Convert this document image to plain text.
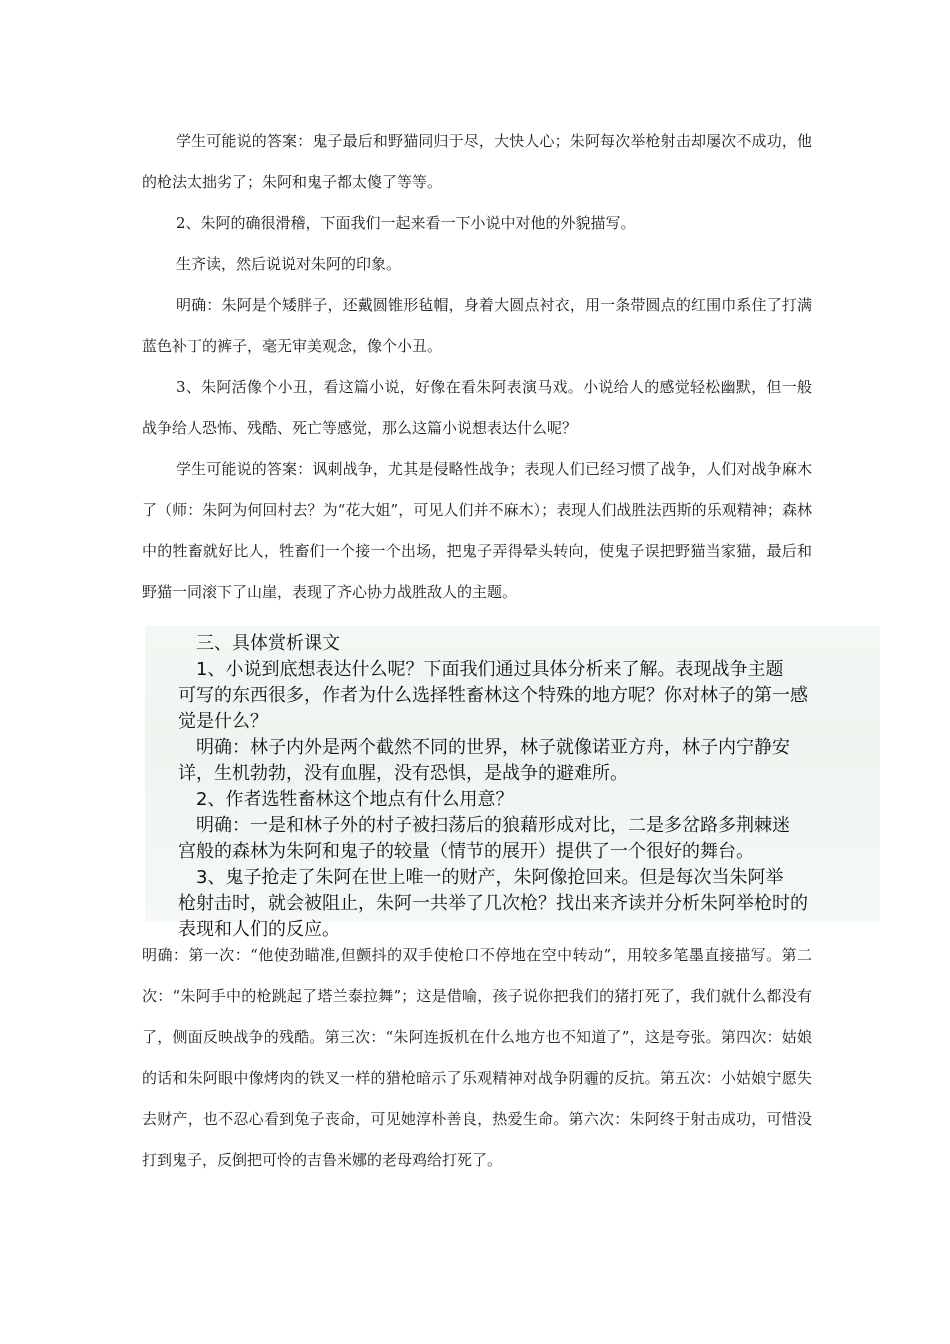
学生可能说的答案：鬼子最后和野猫同归于尽，大快人心；朱阿每次举枪射击却屡次不成功，他的枪法太拙劣了；朱阿和鬼子都太傻了等等。

2、朱阿的确很滑稽，下面我们一起来看一下小说中对他的外貌描写。

生齐读，然后说说对朱阿的印象。

明确：朱阿是个矮胖子，还戴圆锥形毡帽，身着大圆点衬衣，用一条带圆点的红围巾系住了打满蓝色补丁的裤子，毫无审美观念，像个小丑。

3、朱阿活像个小丑，看这篇小说，好像在看朱阿表演马戏。小说给人的感觉轻松幽默，但一般战争给人恐怖、残酷、死亡等感觉，那么这篇小说想表达什么呢？

学生可能说的答案：讽刺战争，尤其是侵略性战争；表现人们已经习惯了战争，人们对战争麻木了（师：朱阿为何回村去？为“花大姐”，可见人们并不麻木）；表现人们战胜法西斯的乐观精神；森林中的牲畜就好比人，牲畜们一个接一个出场，把鬼子弄得晕头转向，使鬼子误把野猫当家猫，最后和野猫一同滚下了山崖，表现了齐心协力战胜敌人的主题。

三、具体赏析课文

1、小说到底想表达什么呢？下面我们通过具体分析来了解。表现战争主题

可写的东西很多，作者为什么选择牲畜林这个特殊的地方呢？你对林子的第一感

觉是什么？

明确：林子内外是两个截然不同的世界，林子就像诺亚方舟，林子内宁静安

详，生机勃勃，没有血腥，没有恐惧，是战争的避难所。

2、作者选牲畜林这个地点有什么用意？

明确：一是和林子外的村子被扫荡后的狼藉形成对比，二是多岔路多荆棘迷

宫般的森林为朱阿和鬼子的较量（情节的展开）提供了一个很好的舞台。

3、鬼子抢走了朱阿在世上唯一的财产，朱阿像抢回来。但是每次当朱阿举

枪射击时，就会被阻止，朱阿一共举了几次枪？找出来齐读并分析朱阿举枪时的

表现和人们的反应。

明确：第一次：“他使劲瞄准,但颤抖的双手使枪口不停地在空中转动”，用较多笔墨直接描写。第二次：“朱阿手中的枪跳起了塔兰泰拉舞”；这是借喻，孩子说你把我们的猪打死了，我们就什么都没有了，侧面反映战争的残酷。第三次：“朱阿连扳机在什么地方也不知道了”，这是夸张。第四次：姑娘的话和朱阿眼中像烤肉的铁叉一样的猎枪暗示了乐观精神对战争阴霾的反抗。第五次：小姑娘宁愿失去财产，也不忍心看到兔子丧命，可见她淳朴善良，热爱生命。第六次：朱阿终于射击成功，可惜没打到鬼子，反倒把可怜的吉鲁米娜的老母鸡给打死了。
